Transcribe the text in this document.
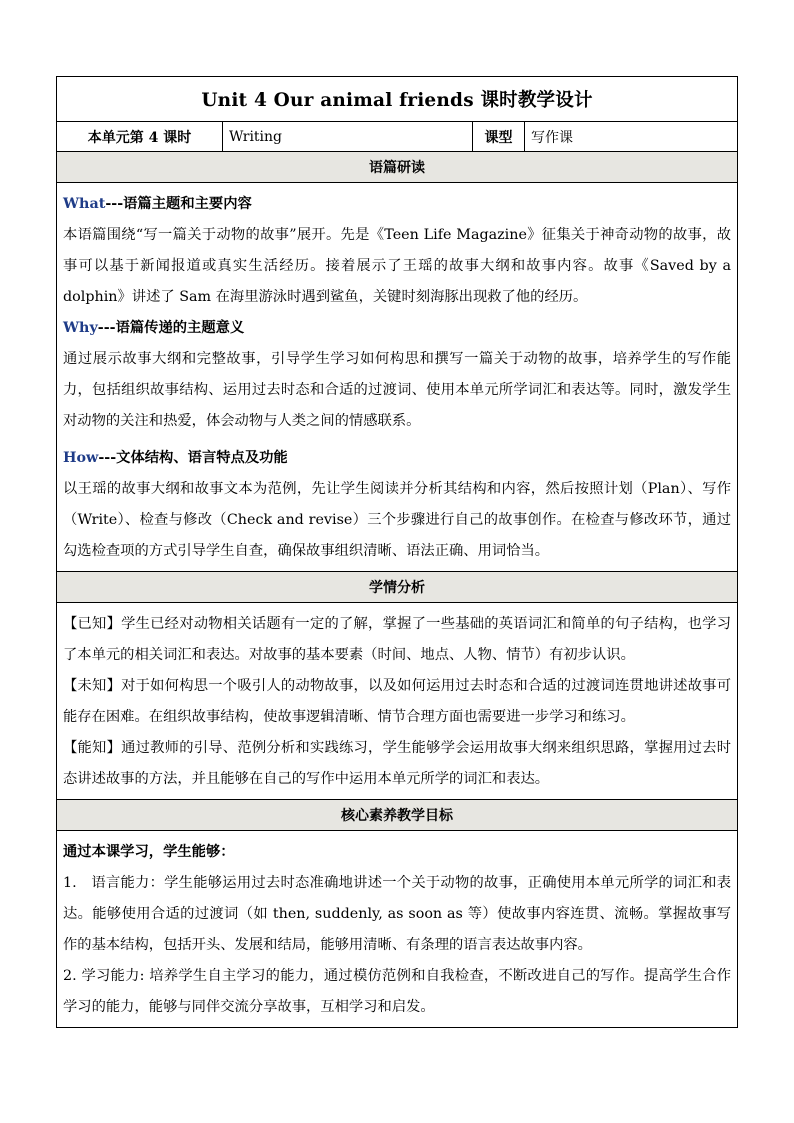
Unit 4 Our animal friends 课时教学设计
本单元第 4 课时	Writing	课型	写作课
语篇研读

What---语篇主题和主要内容

本语篇围绕“写一篇关于动物的故事”展开。先是《Teen Life Magazine》征集关于神奇动物的故事，故事可以基于新闻报道或真实生活经历。接着展示了王瑶的故事大纲和故事内容。故事《Saved by a dolphin》讲述了 Sam 在海里游泳时遇到鲨鱼，关键时刻海豚出现救了他的经历。

Why---语篇传递的主题意义

通过展示故事大纲和完整故事，引导学生学习如何构思和撰写一篇关于动物的故事，培养学生的写作能力，包括组织故事结构、运用过去时态和合适的过渡词、使用本单元所学词汇和表达等。同时，激发学生对动物的关注和热爱，体会动物与人类之间的情感联系。

How---文体结构、语言特点及功能

以王瑶的故事大纲和故事文本为范例，先让学生阅读并分析其结构和内容，然后按照计划（Plan）、写作（Write）、检查与修改（Check and revise）三个步骤进行自己的故事创作。在检查与修改环节，通过勾选检查项的方式引导学生自查，确保故事组织清晰、语法正确、用词恰当。

学情分析

【已知】学生已经对动物相关话题有一定的了解，掌握了一些基础的英语词汇和简单的句子结构，也学习了本单元的相关词汇和表达。对故事的基本要素（时间、地点、人物、情节）有初步认识。

【未知】对于如何构思一个吸引人的动物故事，以及如何运用过去时态和合适的过渡词连贯地讲述故事可能存在困难。在组织故事结构，使故事逻辑清晰、情节合理方面也需要进一步学习和练习。

【能知】通过教师的引导、范例分析和实践练习，学生能够学会运用故事大纲来组织思路，掌握用过去时态讲述故事的方法，并且能够在自己的写作中运用本单元所学的词汇和表达。

核心素养教学目标

通过本课学习，学生能够：

1.　语言能力：学生能够运用过去时态准确地讲述一个关于动物的故事，正确使用本单元所学的词汇和表达。能够使用合适的过渡词（如 then, suddenly, as soon as 等）使故事内容连贯、流畅。掌握故事写作的基本结构，包括开头、发展和结局，能够用清晰、有条理的语言表达故事内容。

2. 学习能力: 培养学生自主学习的能力，通过模仿范例和自我检查，不断改进自己的写作。提高学生合作学习的能力，能够与同伴交流分享故事，互相学习和启发。
